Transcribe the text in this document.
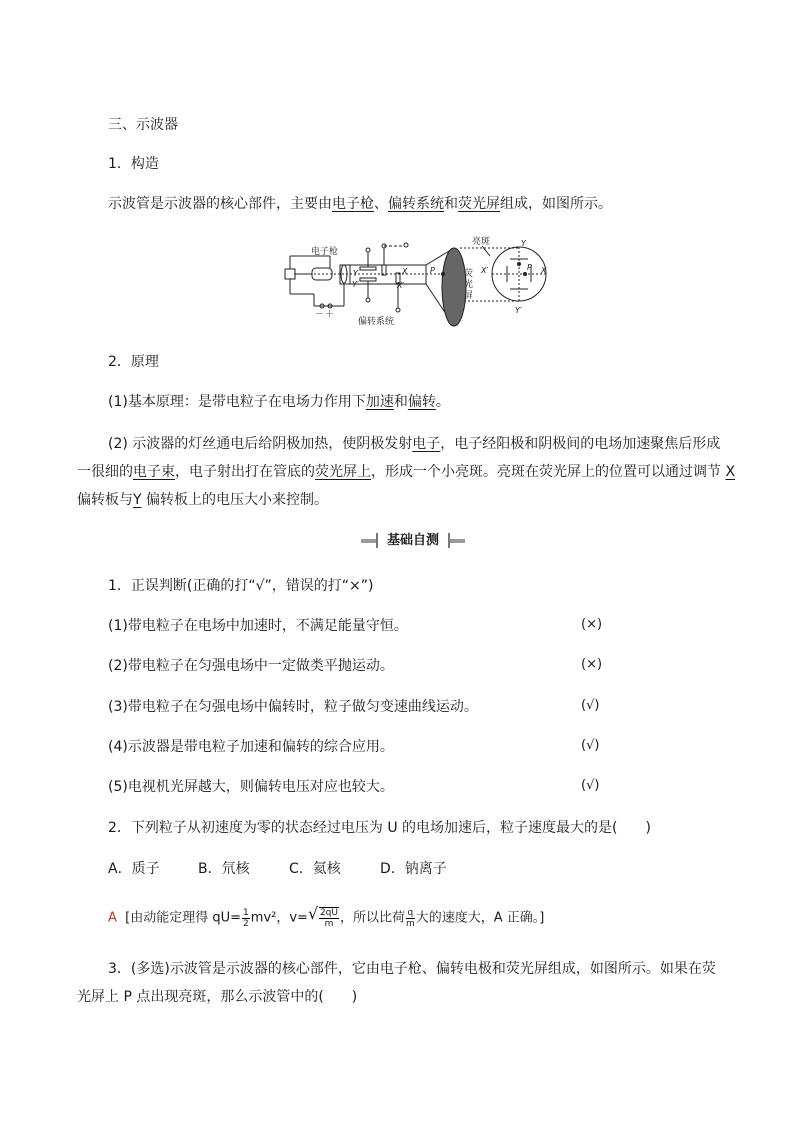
三、示波器
1．构造
示波管是示波器的核心部件，主要由电子枪、偏转系统和荧光屏组成，如图所示。
电子枪
偏转系统
亮斑
荧
光
屏
－ ＋
Y
Y′
X
X′
P
Y
Y′
X
X′	P
2．原理
(1)基本原理：是带电粒子在电场力作用下加速和偏转。
(2) 示波器的灯丝通电后给阴极加热，使阴极发射电子，电子经阳极和阴极间的电场加速聚焦后形成
一很细的电子束，电子射出打在管底的荧光屏上，形成一个小亮斑。亮斑在荧光屏上的位置可以通过调节 X
偏转板与Y 偏转板上的电压大小来控制。
基础自测
1．正误判断(正确的打“√”，错误的打“×”)
(1)带电粒子在电场中加速时，不满足能量守恒。	(×)
(2)带电粒子在匀强电场中一定做类平抛运动。	(×)
(3)带电粒子在匀强电场中偏转时，粒子做匀变速曲线运动。	(√)
(4)示波器是带电粒子加速和偏转的综合应用。	(√)
(5)电视机光屏越大，则偏转电压对应也较大。	(√)
2．下列粒子从初速度为零的状态经过电压为 U 的电场加速后，粒子速度最大的是(　　)
A．质子	B．氘核	C．氦核	D．钠离子
A [由动能定理得 $qU= \frac{1}{2} mv^2$，v=
√ $\frac{2qU}{m}$ ，所以比荷 $\frac{q}{m}$ 大的速度大，A 正确。]
3．(多选)示波管是示波器的核心部件，它由电子枪、偏转电极和荧光屏组成，如图所示。如果在荧
光屏上 P 点出现亮斑，那么示波管中的(　　)
